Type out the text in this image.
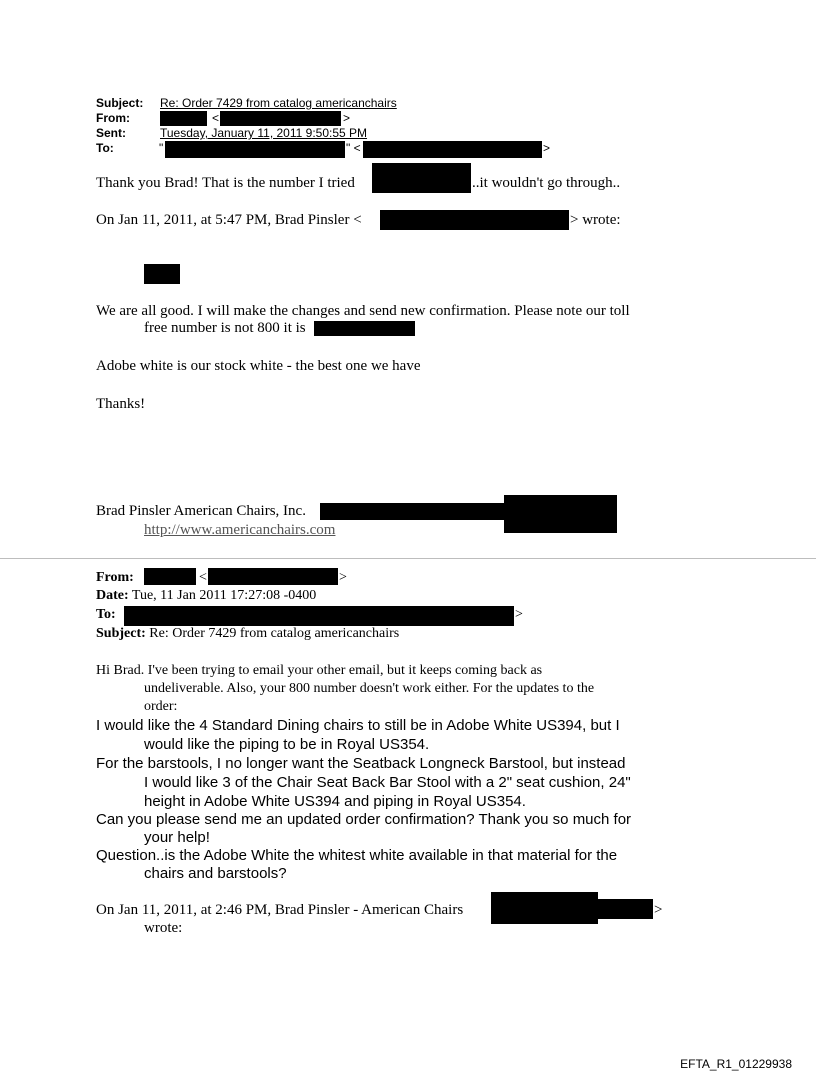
Subject: Re: Order 7429 from catalog americanchairs
From:	<	>
Sent:	Tuesday, January 11, 2011 9:50:55 PM
To:	"	" <	>
Thank you Brad! That is the number I tried	..it wouldn't go through..
On Jan 11, 2011, at 5:47 PM, Brad Pinsler <	> wrote:
We are all good. I will make the changes and send new confirmation. Please note our toll
free number is not 800 it is
Adobe white is our stock white - the best one we have
Thanks!
Brad Pinsler American Chairs, Inc.
http://www.americanchairs.com
From:	<	>
Date: Tue, 11 Jan 2011 17:27:08 -0400
To:	>
Subject: Re: Order 7429 from catalog americanchairs
Hi Brad. I've been trying to email your other email, but it keeps coming back as
undeliverable. Also, your 800 number doesn't work either. For the updates to the
order:
I would like the 4 Standard Dining chairs to still be in Adobe White US394, but I
would like the piping to be in Royal US354.
For the barstools, I no longer want the Seatback Longneck Barstool, but instead
I would like 3 of the Chair Seat Back Bar Stool with a 2" seat cushion, 24"
height in Adobe White US394 and piping in Royal US354.
Can you please send me an updated order confirmation? Thank you so much for
your help!
Question..is the Adobe White the whitest white available in that material for the
chairs and barstools?
On Jan 11, 2011, at 2:46 PM, Brad Pinsler - American Chairs	>
wrote:
EFTA_R1_01229938
